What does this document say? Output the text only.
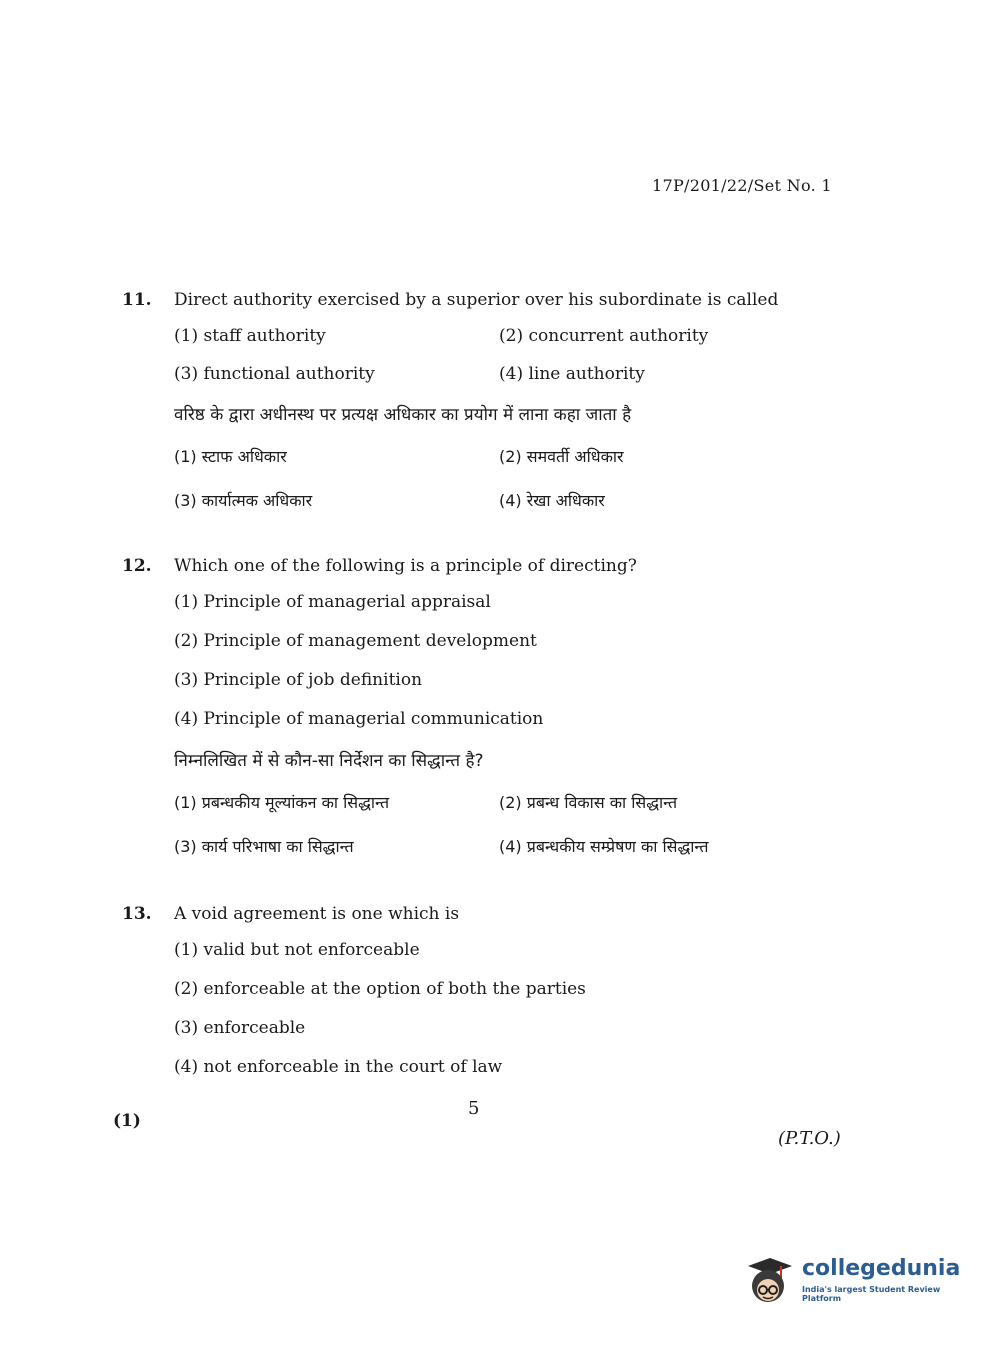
17P/201/22/Set No. 1
11.	Direct authority exercised by a superior over his subordinate is called
(1) staff authority	(2) concurrent authority
(3) functional authority	(4) line authority
वरिष्ठ के द्वारा अधीनस्थ पर प्रत्यक्ष अधिकार का प्रयोग में लाना कहा जाता है
(1) स्टाफ अधिकार	(2) समवर्ती अधिकार
(3) कार्यात्मक अधिकार	(4) रेखा अधिकार
12.	Which one of the following is a principle of directing?
(1) Principle of managerial appraisal
(2) Principle of management development
(3) Principle of job definition
(4) Principle of managerial communication
निम्नलिखित में से कौन-सा निर्देशन का सिद्धान्त है?
(1) प्रबन्धकीय मूल्यांकन का सिद्धान्त	(2) प्रबन्ध विकास का सिद्धान्त
(3) कार्य परिभाषा का सिद्धान्त	(4) प्रबन्धकीय सम्प्रेषण का सिद्धान्त
13.	A void agreement is one which is
(1) valid but not enforceable
(2) enforceable at the option of both the parties
(3) enforceable
(4) not enforceable in the court of law
(1)
5
(P.T.O.)
collegedunia
India's largest Student Review Platform
